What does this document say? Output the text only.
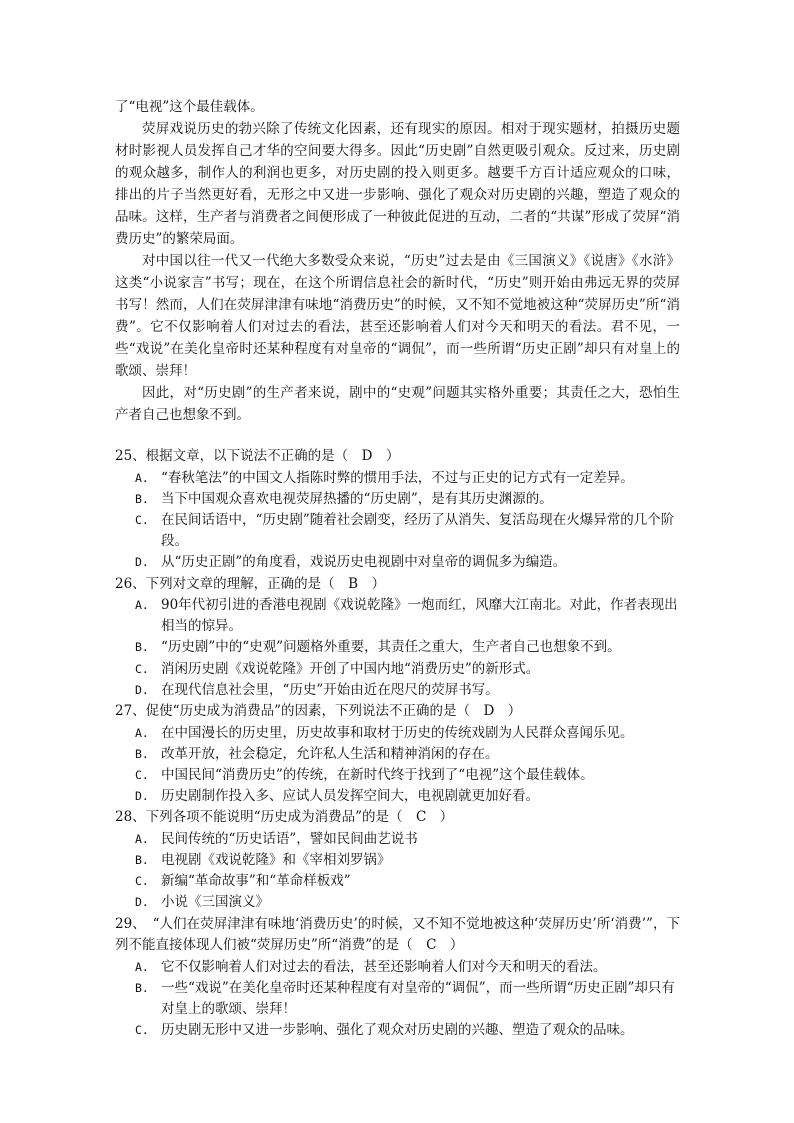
了“电视”这个最佳载体。

荧屏戏说历史的勃兴除了传统文化因素，还有现实的原因。相对于现实题材，拍摄历史题材时影视人员发挥自己才华的空间要大得多。因此“历史剧”自然更吸引观众。反过来，历史剧的观众越多，制作人的利润也更多，对历史剧的投入则更多。越要千方百计适应观众的口味，排出的片子当然更好看，无形之中又进一步影响、强化了观众对历史剧的兴趣，塑造了观众的品味。这样，生产者与消费者之间便形成了一种彼此促进的互动，二者的“共谋”形成了荧屏“消费历史”的繁荣局面。

对中国以往一代又一代绝大多数受众来说，“历史”过去是由《三国演义》《说唐》《水浒》这类“小说家言”书写；现在，在这个所谓信息社会的新时代，“历史”则开始由弗远无界的荧屏书写！然而，人们在荧屏津津有味地“消费历史”的时候，又不知不觉地被这种“荧屏历史”所“消费”。它不仅影响着人们对过去的看法，甚至还影响着人们对今天和明天的看法。君不见，一些“戏说”在美化皇帝时还某种程度有对皇帝的“调侃”，而一些所谓“历史正剧”却只有对皇上的歌颂、崇拜！

因此，对“历史剧”的生产者来说，剧中的“史观”问题其实格外重要；其责任之大，恐怕生产者自己也想象不到。

25、根据文章，以下说法不正确的是（　D　）

A. “春秋笔法”的中国文人指陈时弊的惯用手法，不过与正史的记方式有一定差异。
B. 当下中国观众喜欢电视荧屏热播的“历史剧”，是有其历史渊源的。
C. 在民间话语中，“历史剧”随着社会剧变，经历了从消失、复活岛现在火爆异常的几个阶段。
D. 从“历史正剧”的角度看，戏说历史电视剧中对皇帝的调侃多为编造。

26、下列对文章的理解，正确的是（　B　）

A. 90年代初引进的香港电视剧《戏说乾隆》一炮而红，风靡大江南北。对此，作者表现出相当的惊异。
B. “历史剧”中的“史观”问题格外重要，其责任之重大，生产者自己也想象不到。
C. 消闲历史剧《戏说乾隆》开创了中国内地“消费历史”的新形式。
D. 在现代信息社会里，“历史”开始由近在咫尺的荧屏书写。

27、促使“历史成为消费品”的因素，下列说法不正确的是（　D　）

A. 在中国漫长的历史里，历史故事和取材于历史的传统戏剧为人民群众喜闻乐见。
B. 改革开放，社会稳定，允许私人生活和精神消闲的存在。
C. 中国民间“消费历史”的传统，在新时代终于找到了“电视”这个最佳载体。
D. 历史剧制作投入多、应试人员发挥空间大，电视剧就更加好看。

28、下列各项不能说明“历史成为消费品”的是（　C　）

A. 民间传统的“历史话语”，譬如民间曲艺说书
B. 电视剧《戏说乾隆》和《宰相刘罗锅》
C. 新编“革命故事”和“革命样板戏”
D. 小说《三国演义》

29、　“人们在荧屏津津有味地‘消费历史’的时候，又不知不觉地被这种‘荧屏历史’所‘消费’”，下列不能直接体现人们被“荧屏历史”所“消费”的是（　C　）

A. 它不仅影响着人们对过去的看法，甚至还影响着人们对今天和明天的看法。
B. 一些“戏说”在美化皇帝时还某种程度有对皇帝的“调侃”，而一些所谓“历史正剧”却只有对皇上的歌颂、崇拜！
C. 历史剧无形中又进一步影响、强化了观众对历史剧的兴趣、塑造了观众的品味。
